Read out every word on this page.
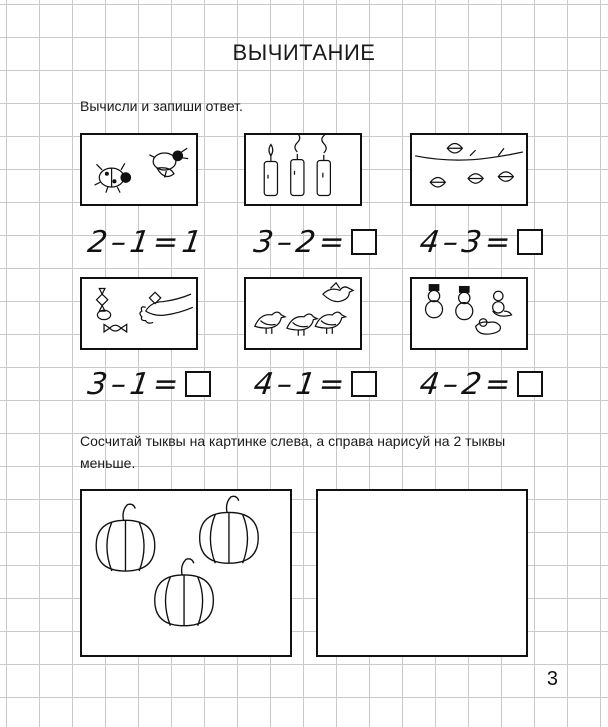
ВЫЧИТАНИЕ
Вычисли и запиши ответ.
2 – 1 = 1 3 – 2 = 4 – 3 =
3 – 1 = 4 – 1 = 4 – 2 =
Сосчитай тыквы на картинке слева, а справа нарисуй на 2 тыквы меньше.
3
